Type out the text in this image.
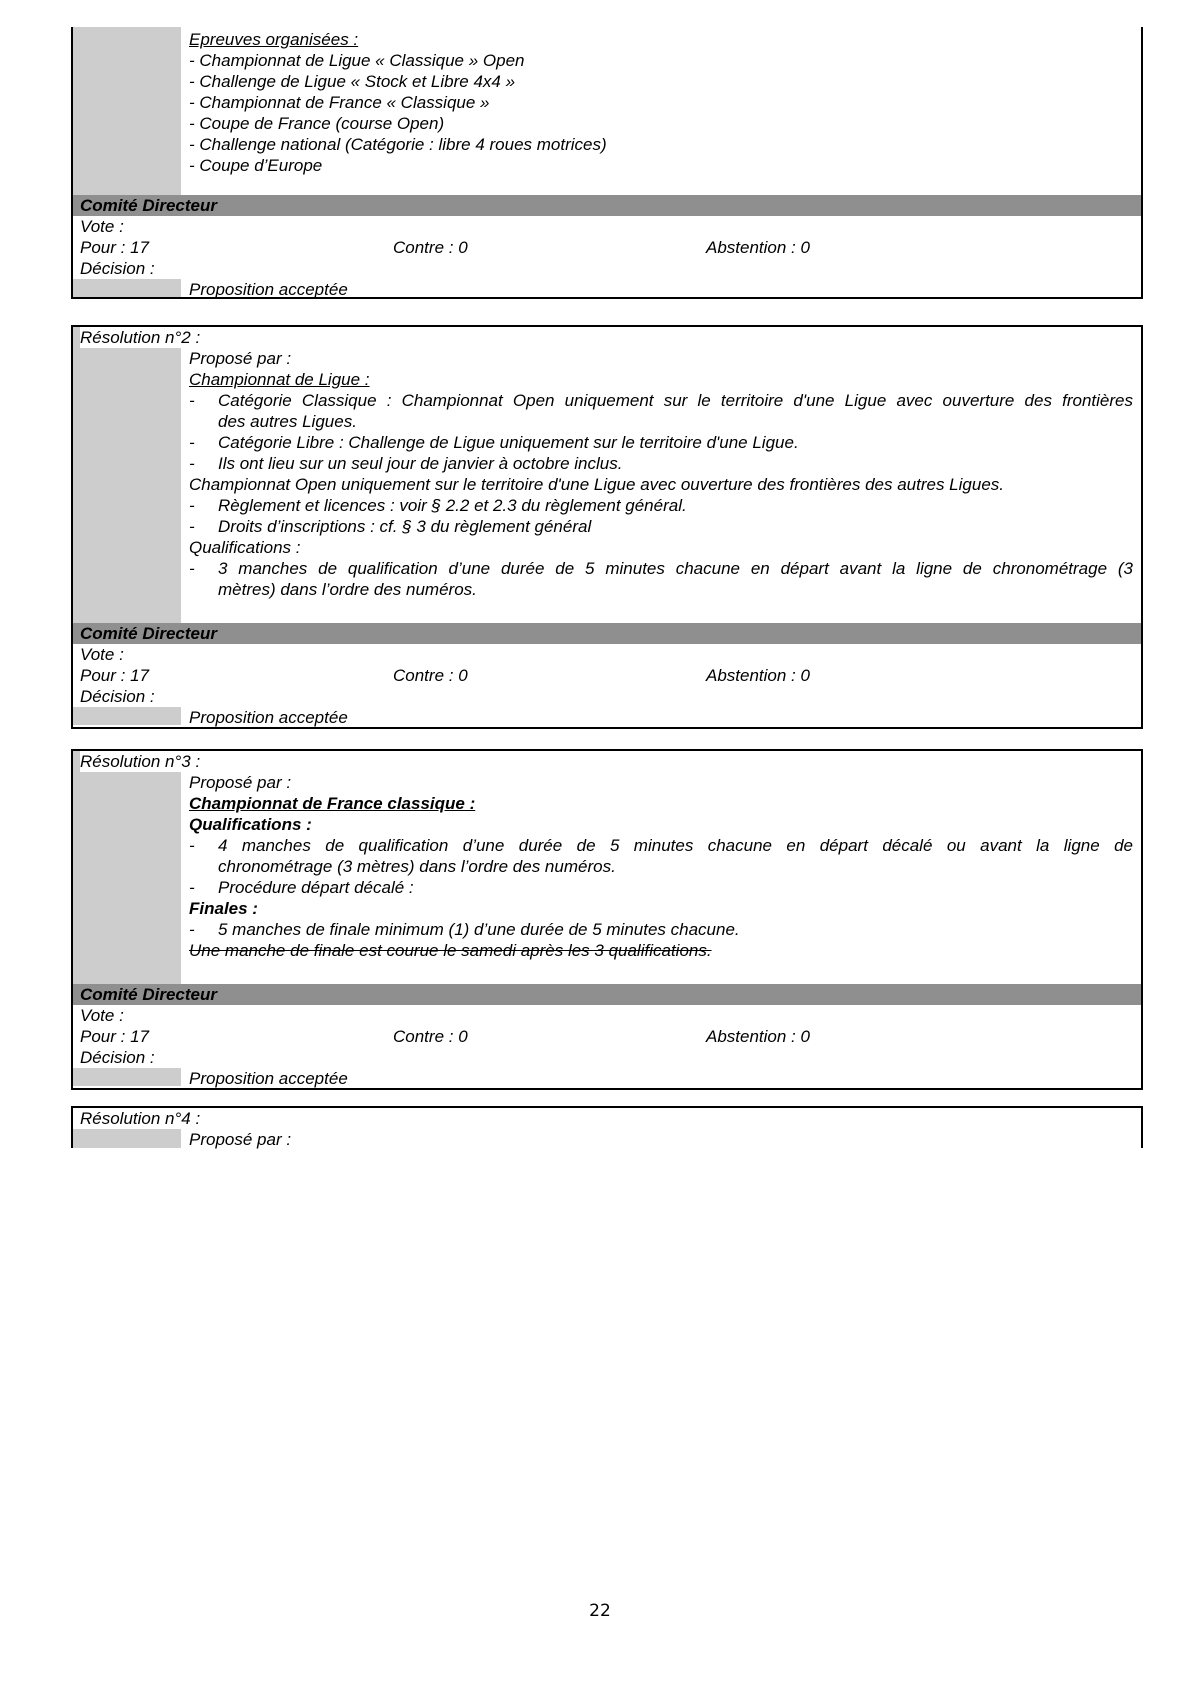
Epreuves organisées :
- Championnat de Ligue « Classique » Open
- Challenge de Ligue « Stock et Libre 4x4 »
- Championnat de France « Classique »
- Coupe de France (course Open)
- Challenge national (Catégorie : libre 4 roues motrices)
- Coupe d’Europe
Comité Directeur
Vote :
Pour : 17	Contre : 0	Abstention : 0
Décision :
Proposition acceptée
Résolution n°2 :
Proposé par :
Championnat de Ligue :
-	Catégorie Classique : Championnat Open uniquement sur le territoire d'une Ligue avec ouverture des frontières
des autres Ligues.
-	Catégorie Libre : Challenge de Ligue uniquement sur le territoire d'une Ligue.
-	Ils ont lieu sur un seul jour de janvier à octobre inclus.
Championnat Open uniquement sur le territoire d'une Ligue avec ouverture des frontières des autres Ligues.
-	Règlement et licences : voir § 2.2 et 2.3 du règlement général.
-	Droits d’inscriptions : cf. § 3 du règlement général
Qualifications :
-	3 manches de qualification d’une durée de 5 minutes chacune en départ avant la ligne de chronométrage (3
mètres) dans l’ordre des numéros.
Comité Directeur
Vote :
Pour : 17	Contre : 0	Abstention : 0
Décision :
Proposition acceptée
Résolution n°3 :
Proposé par :
Championnat de France classique :
Qualifications :
-	4 manches de qualification d’une durée de 5 minutes chacune en départ décalé ou avant la ligne de
chronométrage (3 mètres) dans l’ordre des numéros.
-	Procédure départ décalé :
Finales :
-	5 manches de finale minimum (1) d’une durée de 5 minutes chacune.
Une manche de finale est courue le samedi après les 3 qualifications.
Comité Directeur
Vote :
Pour : 17	Contre : 0	Abstention : 0
Décision :
Proposition acceptée
Résolution n°4 :
Proposé par :
22
